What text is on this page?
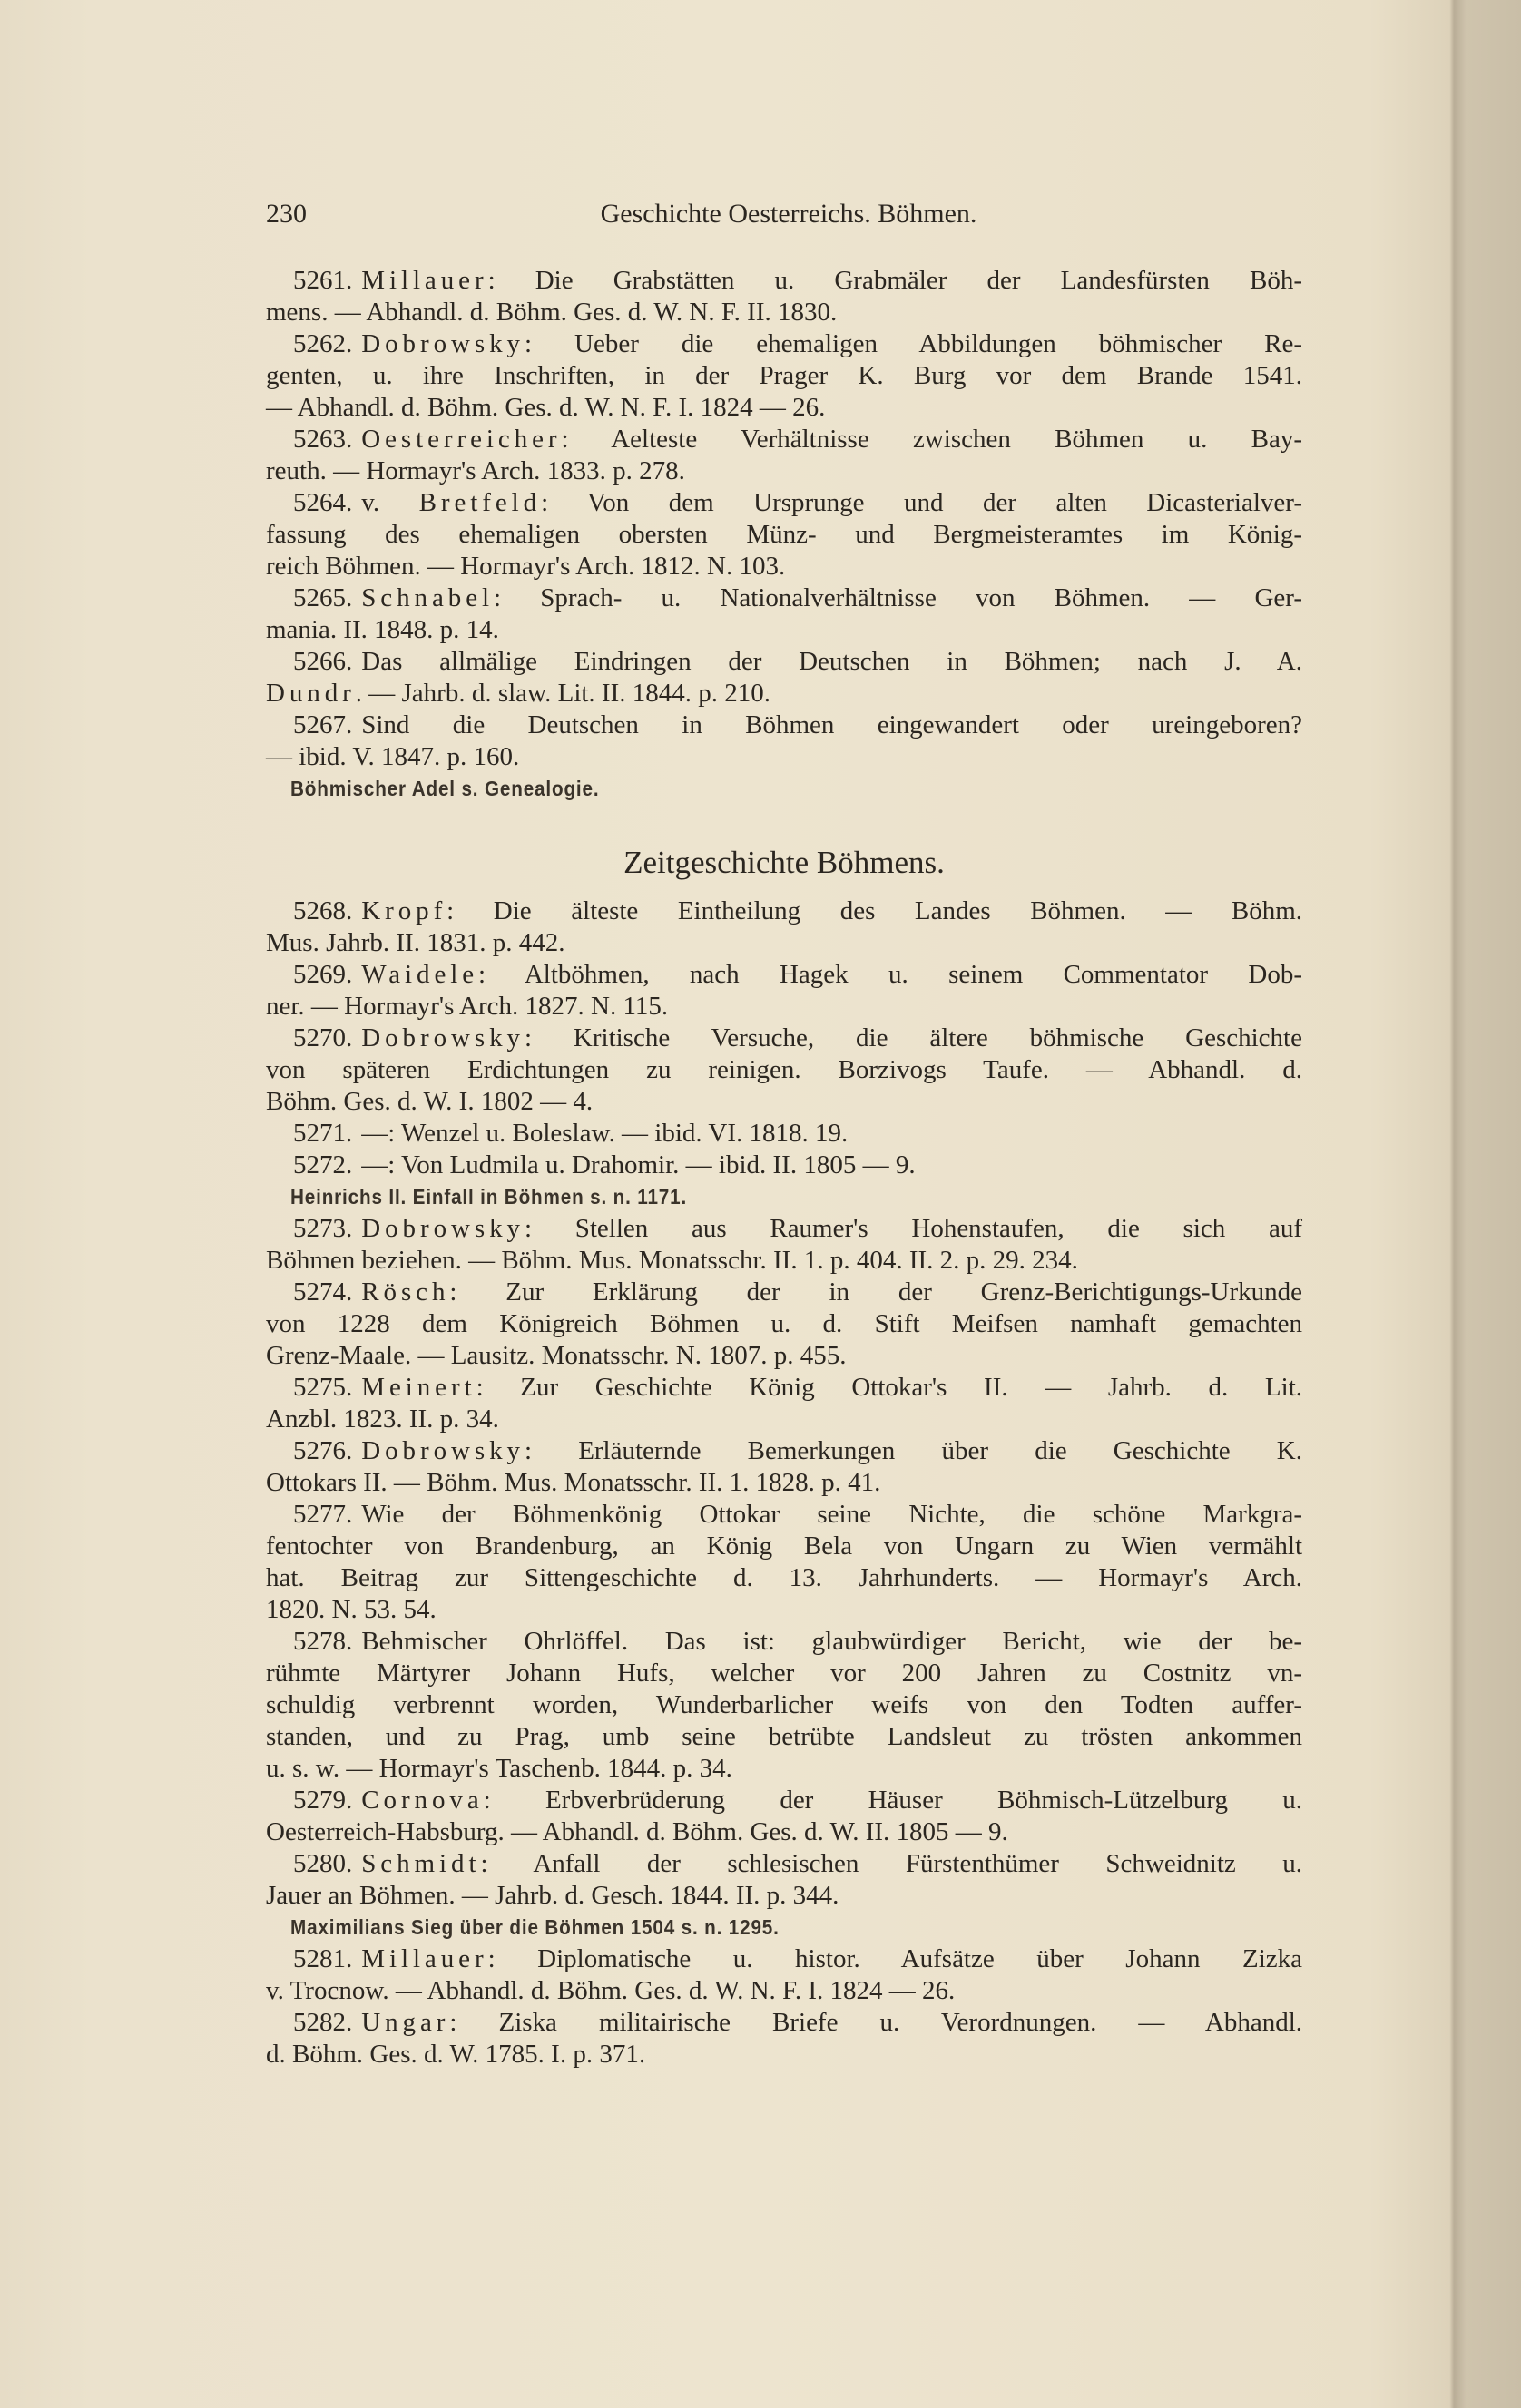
230	Geschichte Oesterreichs. Böhmen.
5261. Millauer: Die Grabstätten u. Grabmäler der Landesfürsten Böh-
mens. — Abhandl. d. Böhm. Ges. d. W. N. F. II. 1830.
5262. Dobrowsky: Ueber die ehemaligen Abbildungen böhmischer Re-
genten, u. ihre Inschriften, in der Prager K. Burg vor dem Brande 1541.
— Abhandl. d. Böhm. Ges. d. W. N. F. I. 1824 — 26.
5263. Oesterreicher: Aelteste Verhältnisse zwischen Böhmen u. Bay-
reuth. — Hormayr's Arch. 1833. p. 278.
5264. v. Bretfeld: Von dem Ursprunge und der alten Dicasterialver-
fassung des ehemaligen obersten Münz- und Bergmeisteramtes im König-
reich Böhmen. — Hormayr's Arch. 1812. N. 103.
5265. Schnabel: Sprach- u. Nationalverhältnisse von Böhmen. — Ger-
mania. II. 1848. p. 14.
5266. Das allmälige Eindringen der Deutschen in Böhmen; nach J. A.
Dundr. — Jahrb. d. slaw. Lit. II. 1844. p. 210.
5267. Sind die Deutschen in Böhmen eingewandert oder ureingeboren?
— ibid. V. 1847. p. 160.
Böhmischer Adel s. Genealogie.
Zeitgeschichte Böhmens.
5268. Kropf: Die älteste Eintheilung des Landes Böhmen. — Böhm.
Mus. Jahrb. II. 1831. p. 442.
5269. Waidele: Altböhmen, nach Hagek u. seinem Commentator Dob-
ner. — Hormayr's Arch. 1827. N. 115.
5270. Dobrowsky: Kritische Versuche, die ältere böhmische Geschichte
von späteren Erdichtungen zu reinigen. Borzivogs Taufe. — Abhandl. d.
Böhm. Ges. d. W. I. 1802 — 4.
5271. —: Wenzel u. Boleslaw. — ibid. VI. 1818. 19.
5272. —: Von Ludmila u. Drahomir. — ibid. II. 1805 — 9.
Heinrichs II. Einfall in Böhmen s. n. 1171.
5273. Dobrowsky: Stellen aus Raumer's Hohenstaufen, die sich auf
Böhmen beziehen. — Böhm. Mus. Monatsschr. II. 1. p. 404. II. 2. p. 29. 234.
5274. Rösch: Zur Erklärung der in der Grenz-Berichtigungs-Urkunde
von 1228 dem Königreich Böhmen u. d. Stift Meifsen namhaft gemachten
Grenz-Maale. — Lausitz. Monatsschr. N. 1807. p. 455.
5275. Meinert: Zur Geschichte König Ottokar's II. — Jahrb. d. Lit.
Anzbl. 1823. II. p. 34.
5276. Dobrowsky: Erläuternde Bemerkungen über die Geschichte K.
Ottokars II. — Böhm. Mus. Monatsschr. II. 1. 1828. p. 41.
5277. Wie der Böhmenkönig Ottokar seine Nichte, die schöne Markgra-
fentochter von Brandenburg, an König Bela von Ungarn zu Wien vermählt
hat. Beitrag zur Sittengeschichte d. 13. Jahrhunderts. — Hormayr's Arch.
1820. N. 53. 54.
5278. Behmischer Ohrlöffel. Das ist: glaubwürdiger Bericht, wie der be-
rühmte Märtyrer Johann Hufs, welcher vor 200 Jahren zu Costnitz vn-
schuldig verbrennt worden, Wunderbarlicher weifs von den Todten auffer-
standen, und zu Prag, umb seine betrübte Landsleut zu trösten ankommen
u. s. w. — Hormayr's Taschenb. 1844. p. 34.
5279. Cornova: Erbverbrüderung der Häuser Böhmisch-Lützelburg u.
Oesterreich-Habsburg. — Abhandl. d. Böhm. Ges. d. W. II. 1805 — 9.
5280. Schmidt: Anfall der schlesischen Fürstenthümer Schweidnitz u.
Jauer an Böhmen. — Jahrb. d. Gesch. 1844. II. p. 344.
Maximilians Sieg über die Böhmen 1504 s. n. 1295.
5281. Millauer: Diplomatische u. histor. Aufsätze über Johann Zizka
v. Trocnow. — Abhandl. d. Böhm. Ges. d. W. N. F. I. 1824 — 26.
5282. Ungar: Ziska militairische Briefe u. Verordnungen. — Abhandl.
d. Böhm. Ges. d. W. 1785. I. p. 371.
